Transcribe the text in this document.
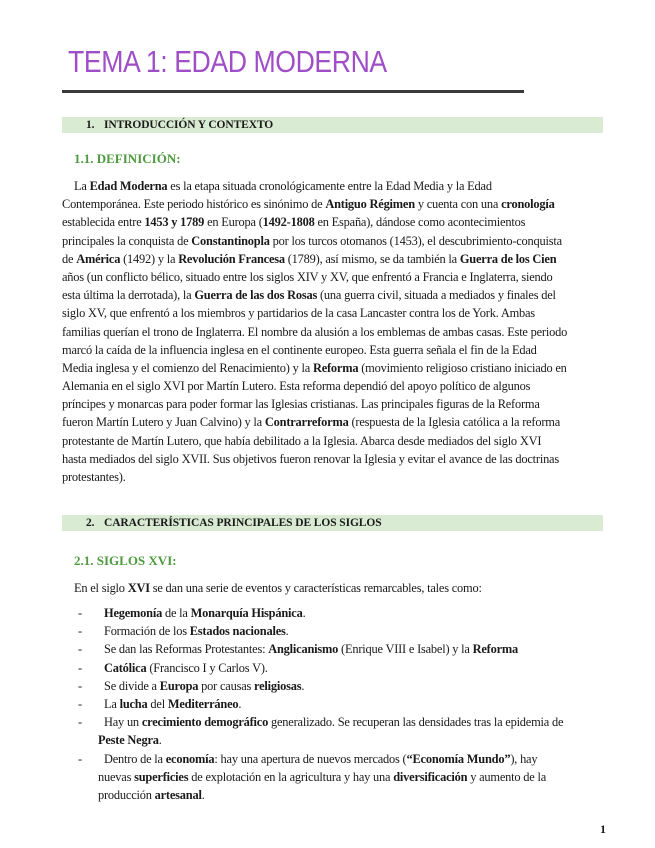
TEMA 1: EDAD MODERNA
1. INTRODUCCIÓN Y CONTEXTO
1.1. DEFINICIÓN:
La Edad Moderna es la etapa situada cronológicamente entre la Edad Media y la Edad
Contemporánea. Este periodo histórico es sinónimo de Antiguo Régimen y cuenta con una cronología
establecida entre 1453 y 1789 en Europa (1492-1808 en España), dándose como acontecimientos
principales la conquista de Constantinopla por los turcos otomanos (1453), el descubrimiento-conquista
de América (1492) y la Revolución Francesa (1789), así mismo, se da también la Guerra de los Cien
años (un conflicto bélico, situado entre los siglos XIV y XV, que enfrentó a Francia e Inglaterra, siendo
esta última la derrotada), la Guerra de las dos Rosas (una guerra civil, situada a mediados y finales del
siglo XV, que enfrentó a los miembros y partidarios de la casa Lancaster contra los de York. Ambas
familias querían el trono de Inglaterra. El nombre da alusión a los emblemas de ambas casas. Este periodo
marcó la caída de la influencia inglesa en el continente europeo. Esta guerra señala el fin de la Edad
Media inglesa y el comienzo del Renacimiento) y la Reforma (movimiento religioso cristiano iniciado en
Alemania en el siglo XVI por Martín Lutero. Esta reforma dependió del apoyo político de algunos
príncipes y monarcas para poder formar las Iglesias cristianas. Las principales figuras de la Reforma
fueron Martín Lutero y Juan Calvino) y la Contrarreforma (respuesta de la Iglesia católica a la reforma
protestante de Martín Lutero, que había debilitado a la Iglesia. Abarca desde mediados del siglo XVI
hasta mediados del siglo XVII. Sus objetivos fueron renovar la Iglesia y evitar el avance de las doctrinas
protestantes).
2. CARACTERÍSTICAS PRINCIPALES DE LOS SIGLOS
2.1. SIGLOS XVI:
En el siglo XVI se dan una serie de eventos y características remarcables, tales como:
- Hegemonía de la Monarquía Hispánica.
- Formación de los Estados nacionales.
- Se dan las Reformas Protestantes: Anglicanismo (Enrique VIII e Isabel) y la Reforma
- Católica (Francisco I y Carlos V).
- Se divide a Europa por causas religiosas.
- La lucha del Mediterráneo.
- Hay un crecimiento demográfico generalizado. Se recuperan las densidades tras la epidemia de
Peste Negra.
- Dentro de la economía: hay una apertura de nuevos mercados (“Economía Mundo”), hay
nuevas superficies de explotación en la agricultura y hay una diversificación y aumento de la
producción artesanal.
1
